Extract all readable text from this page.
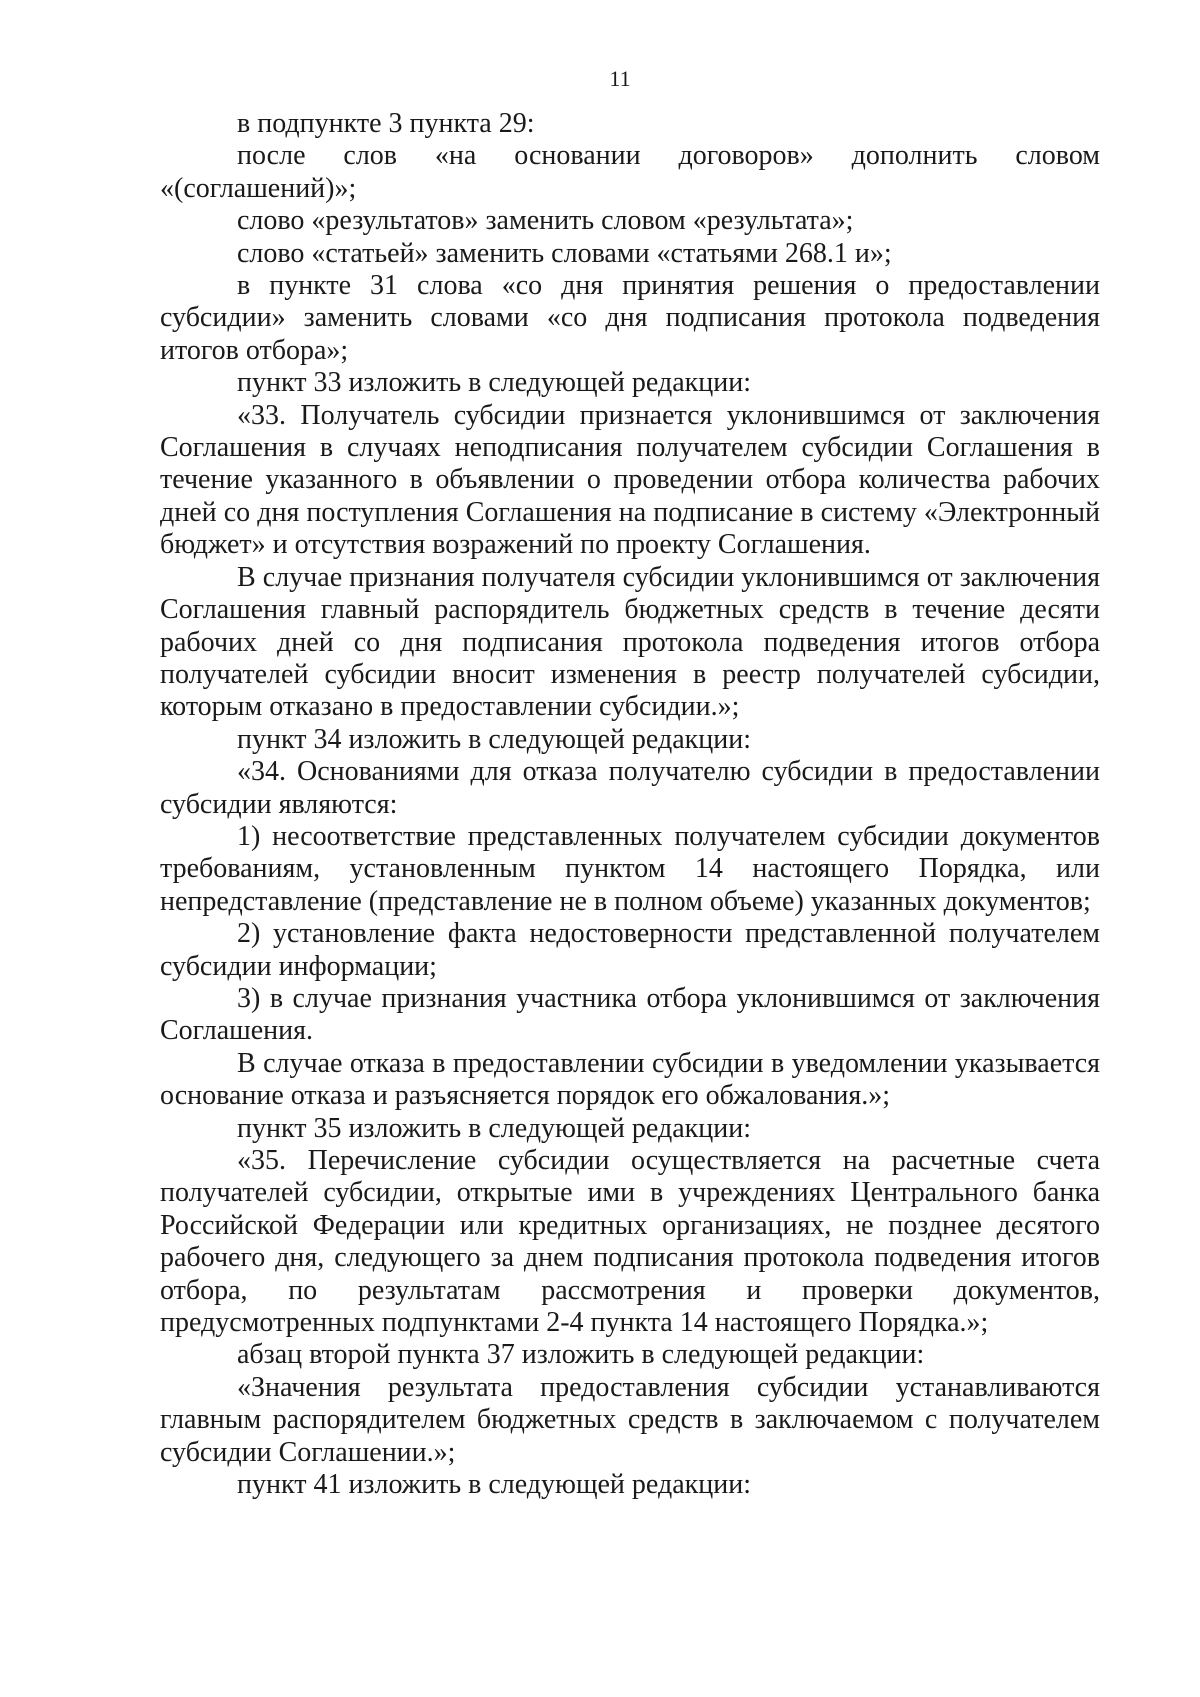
11

в подпункте 3 пункта 29:

после слов «на основании договоров» дополнить словом «(соглашений)»;

слово «результатов» заменить словом «результата»;

слово «статьей» заменить словами «статьями 268.1 и»;

в пункте 31 слова «со дня принятия решения о предоставлении субсидии» заменить словами «со дня подписания протокола подведения итогов отбора»;

пункт 33 изложить в следующей редакции:

«33. Получатель субсидии признается уклонившимся от заключения Соглашения в случаях неподписания получателем субсидии Соглашения в течение указанного в объявлении о проведении отбора количества рабочих дней со дня поступления Соглашения на подписание в систему «Электронный бюджет» и отсутствия возражений по проекту Соглашения.

В случае признания получателя субсидии уклонившимся от заключения Соглашения главный распорядитель бюджетных средств в течение десяти рабочих дней со дня подписания протокола подведения итогов отбора получателей субсидии вносит изменения в реестр получателей субсидии, которым отказано в предоставлении субсидии.»;

пункт 34 изложить в следующей редакции:

«34. Основаниями для отказа получателю субсидии в предоставлении субсидии являются:

1) несоответствие представленных получателем субсидии документов требованиям, установленным пунктом 14 настоящего Порядка, или непредставление (представление не в полном объеме) указанных документов;

2) установление факта недостоверности представленной получателем субсидии информации;

3) в случае признания участника отбора уклонившимся от заключения Соглашения.

В случае отказа в предоставлении субсидии в уведомлении указывается основание отказа и разъясняется порядок его обжалования.»;

пункт 35 изложить в следующей редакции:

«35. Перечисление субсидии осуществляется на расчетные счета получателей субсидии, открытые ими в учреждениях Центрального банка Российской Федерации или кредитных организациях, не позднее десятого рабочего дня, следующего за днем подписания протокола подведения итогов отбора, по результатам рассмотрения и проверки документов, предусмотренных подпунктами 2-4 пункта 14 настоящего Порядка.»;

абзац второй пункта 37 изложить в следующей редакции:

«Значения результата предоставления субсидии устанавливаются главным распорядителем бюджетных средств в заключаемом с получателем субсидии Соглашении.»;

пункт 41 изложить в следующей редакции:
